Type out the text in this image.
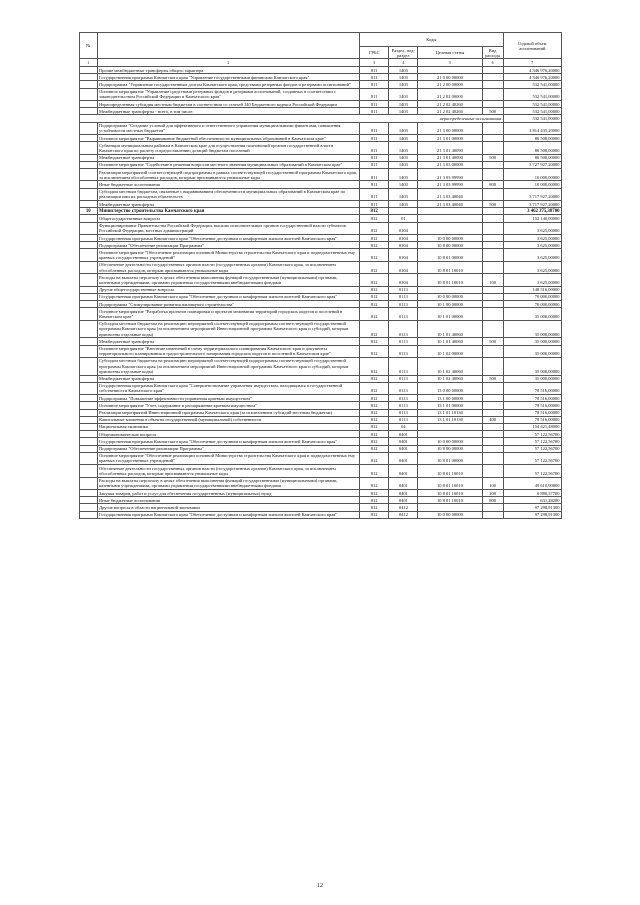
№		Коды				Годовой объем ассигнований
		ГРБС	Раздел, под-раздел	Целевая статья	Вид расхода	
1	2	3	4	5	6	7
	Прочие межбюджетные трансферты общего характера	811	1403			4 346 976,20000
	Государственная программа Камчатского края "Управление государственными финансами Камчатского края"	811	1403	21 0 00 00000		4 346 976,20000
	Подпрограмма "Управление государственным долгом Камчатского края, средствами резервных фондов и резервами ассигнований"	811	1403	21 2 00 00000		532 541,00000
	Основное мероприятие "Управление средствами резервных фондов и резервами ассигнований, созданных в соответствии с законодательством Российской Федерации и Камчатского края"	811	1403	21 2 02 00000		532 541,00000
	Нераспределенная субсидия местным бюджетам в соответствии со статьей 140 Бюджетного кодекса Российской Федерации	811	1403	21 2 02 40260		532 541,00000
	Межбюджетные трансферты - всего, в том числе:	811	1403	21 2 02 40260	500	532 541,00000
нераспределенные ассигнования						532 541,00000
	Подпрограмма "Создание условий для эффективного и ответственного управления муниципальными финансами, повышения устойчивости местных бюджетов"	811	1403	21 3 00 00000		3 814 435,20000
	Основное мероприятие "Выравнивание бюджетной обеспеченности муниципальных образований в Камчатском крае"	811	1403	21 3 01 00000		86 508,00000
	Субвенции муниципальным районам в Камчатском крае для осуществления полномочий органов государственной власти Камчатского края по расчету и предоставлению дотаций бюджетам поселений	811	1403	21 3 01 40090		86 508,00000
	Межбюджетные трансферты	811	1403	21 3 01 40090	500	86 508,00000
	Основное мероприятие "Содействие в решении вопросов местного значения муниципальных образований в Камчатском крае"	811	1403	21 3 03 00000		3 727 927,20000
	Реализация мероприятий соответствующей подпрограммы в рамках соответствующей государственной программы Камчатского края, за исключением обособленных расходов, которым присваиваются уникальные коды	811	1403	21 3 03 99990		10 000,00000
	Иные бюджетные ассигнования	811	1403	21 3 03 99990	800	10 000,00000
	Субсидии местным бюджетам, связанные с выравниванием обеспеченности муниципальных образований в Камчатском крае по реализации ими их расходных обязательств	811	1403	21 3 03 40040		3 717 927,20000
	Межбюджетные трансферты	811	1403	21 3 03 40040	500	3 717 927,20000
10	Министерство строительства Камчатского края	812				3 462 375,38700
	Общегосударственные вопросы	812	01			152 140,00000
	Функционирование Правительства Российской Федерации, высших исполнительных органов государственной власти субъектов Российской Федерации, местных администраций	812	0104			3 625,00000
	Государственная программа Камчатского края "Обеспечение доступным и комфортным жильем жителей Камчатского края"	812	0104	10 0 00 00000		3 625,00000
	Подпрограмма "Обеспечение реализации Программы"	812	0104	10 8 00 00000		3 625,00000
	Основное мероприятие "Обеспечение реализации основной Министерства строительства Камчатского края и подведомственных ему краевых государственных учреждений"	812	0104	10 8 01 00000		3 625,00000
	Обеспечение деятельности государственных органов власти (государственных органов) Камчатского края, за исключением обособленных расходов, которым присваиваются уникальные коды	812	0104	10 8 01 10010		3 625,00000
	Расходы на выплаты персоналу в целях обеспечения выполнения функций государственными (муниципальными) органами, казенными учреждениями, органами управления государственными внебюджетными фондами	812	0104	10 8 01 10010	100	3 625,00000
	Другие общегосударственные вопросы	812	0113			148 516,00000
	Государственная программа Камчатского края "Обеспечение доступным и комфортным жильем жителей Камчатского края"	812	0113	10 0 00 00000		70 000,00000
	Подпрограмма "Стимулирование развития жилищного строительства"	812	0113	10 1 00 00000		70 000,00000
	Основное мероприятие "Разработка проектов планировки и проектов межевания территорий городских округов и поселений в Камчатском крае"	812	0113	10 1 01 00000		35 000,00000
	Субсидии местным бюджетам на реализацию мероприятий соответствующей подпрограммы соответствующей государственной программы Камчатского края (за исключением мероприятий Инвестиционной программы Камчатского края и субсидий, которым присвоены отдельные коды)	812	0113	10 1 01 40060		35 000,00000
	Межбюджетные трансферты	812	0113	10 1 01 40060	500	35 000,00000
	Основное мероприятие "Внесение изменений в схему территориального планирования Камчатского края и документы территориального планирования и градостроительного зонирования городских округов и поселений в Камчатском крае"	812	0113	10 1 02 00000		35 000,00000
	Субсидии местным бюджетам на реализацию мероприятий соответствующей подпрограммы соответствующей государственной программы Камчатского края (за исключением мероприятий Инвестиционной программы Камчатского края и субсидий, которым присвоены отдельные коды)	812	0113	10 1 02 40060		35 000,00000
	Межбюджетные трансферты	812	0113	10 1 02 40060	500	35 000,00000
	Государственная программа Камчатского края "Совершенствование управления имуществом, находящимся в государственной собственности Камчатского края"	812	0113	13 0 00 00000		78 516,00000
	Подпрограмма "Повышение эффективности управления краевым имуществом"	812	0113	13 1 00 00000		78 516,00000
	Основное мероприятие "Учет, содержание и распоряжение краевым имуществом"	812	0113	13 1 01 00000		78 516,00000
	Реализация мероприятий Инвестиционной программы Камчатского края (за исключением субсидий местным бюджетам)	812	0113	13 1 01 10130		78 516,00000
	Капитальные вложения в объекты государственной (муниципальной) собственности	812	0113	13 1 01 10130	400	78 516,00000
	Национальная экономика	812	04			154 421,48000
	Общеэкономические вопросы	812	0401			57 122,56700
	Государственная программа Камчатского края "Обеспечение доступным и комфортным жильем жителей Камчатского края"	812	0401	10 0 00 00000		57 122,56700
	Подпрограмма "Обеспечение реализации Программы"	812	0401	10 8 00 00000		57 122,56700
	Основное мероприятие "Обеспечение реализации основной Министерства строительства Камчатского края и подведомственных ему краевых государственных учреждений"	812	0401	10 8 01 00000		57 122,56700
	Обеспечение деятельности государственных органов власти (государственных органов) Камчатского края, за исключением обособленных расходов, которым присваиваются уникальные коды	812	0401	10 8 01 10010		57 122,56700
	Расходы на выплаты персоналу в целях обеспечения выполнения функций государственными (муниципальными) органами, казенными учреждениями, органами управления государственными внебюджетными фондами	812	0401	10 8 01 10010	100	49 610,90800
	Закупка товаров, работ и услуг для обеспечения государственных (муниципальных) нужд	812	0401	10 8 01 10010	200	6 880,37700
	Иные бюджетные ассигнования	812	0401	10 8 01 10010	800	631,28200
	Другие вопросы в области национальной экономики	812	0412			97 298,91300
	Государственная программа Камчатского края "Обеспечение доступным и комфортным жильем жителей Камчатского края"	812	0412	10 0 00 00000		97 298,91300
12
